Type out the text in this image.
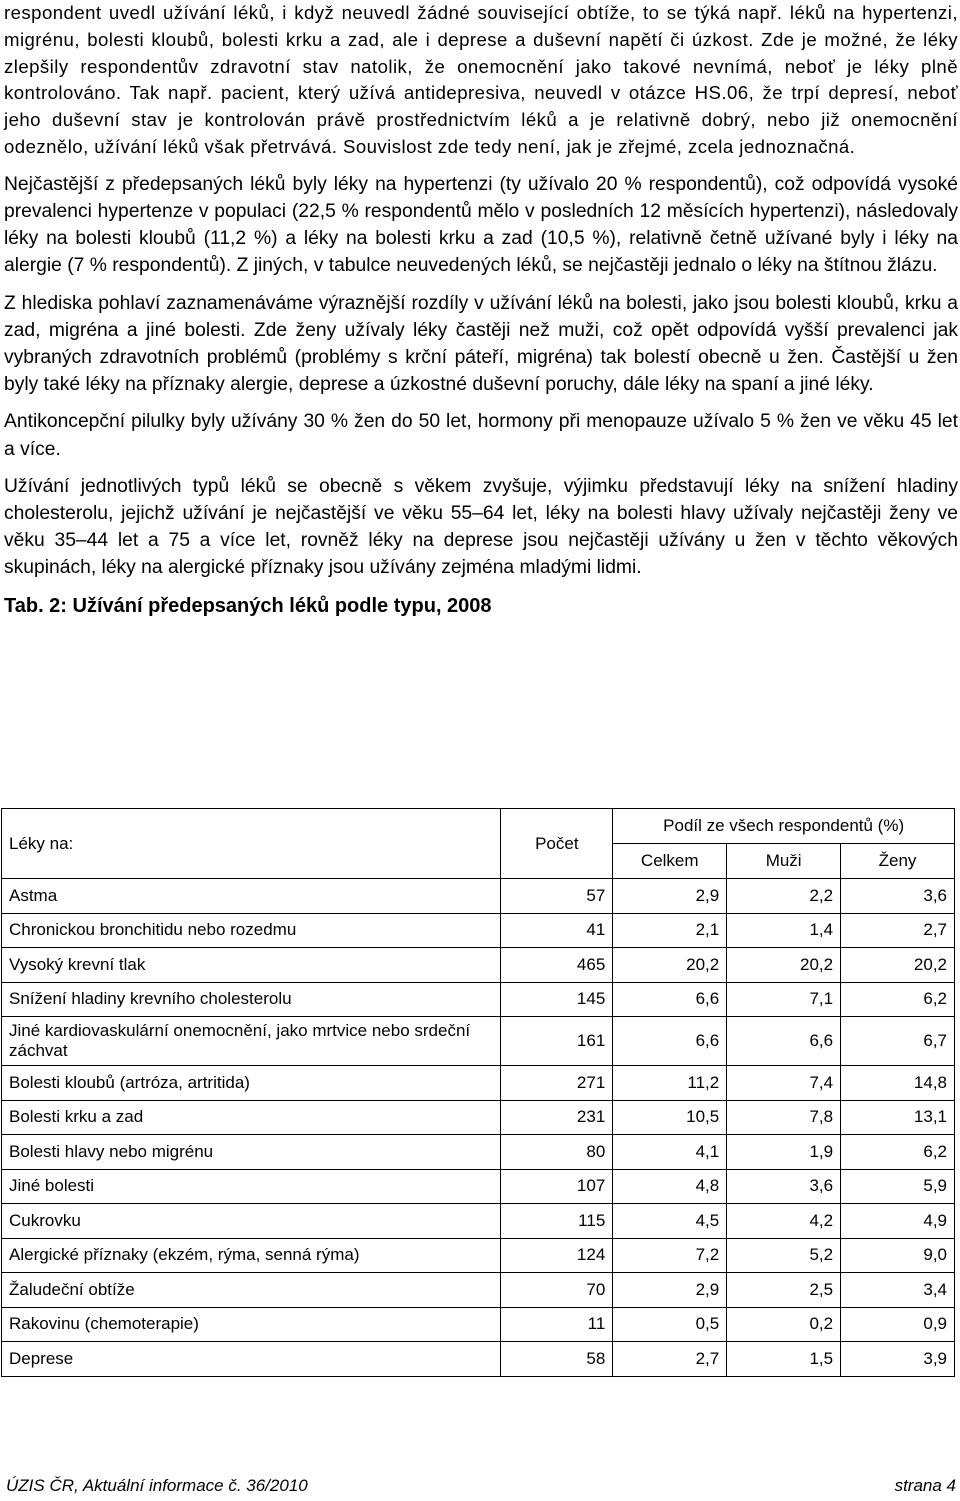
respondent uvedl užívání léků, i když neuvedl žádné související obtíže, to se týká např. léků na hypertenzi, migrénu, bolesti kloubů, bolesti krku a zad, ale i deprese a duševní napětí či úzkost. Zde je možné, že léky zlepšily respondentův zdravotní stav natolik, že onemocnění jako takové nevnímá, neboť je léky plně kontrolováno. Tak např. pacient, který užívá antidepresiva, neuvedl v otázce HS.06, že trpí depresí, neboť jeho duševní stav je kontrolován právě prostřednictvím léků a je relativně dobrý, nebo již onemocnění odeznělo, užívání léků však přetrvává. Souvislost zde tedy není, jak je zřejmé, zcela jednoznačná.

Nejčastější z předepsaných léků byly léky na hypertenzi (ty užívalo 20 % respondentů), což odpovídá vysoké prevalenci hypertenze v populaci (22,5 % respondentů mělo v posledních 12 měsících hypertenzi), následovaly léky na bolesti kloubů (11,2 %) a léky na bolesti krku a zad (10,5 %), relativně četně užívané byly i léky na alergie (7 % respondentů). Z jiných, v tabulce neuvedených léků, se nejčastěji jednalo o léky na štítnou žlázu.

Z hlediska pohlaví zaznamenáváme výraznější rozdíly v užívání léků na bolesti, jako jsou bolesti kloubů, krku a zad, migréna a jiné bolesti. Zde ženy užívaly léky častěji než muži, což opět odpovídá vyšší prevalenci jak vybraných zdravotních problémů (problémy s krční páteří, migréna) tak bolestí obecně u žen. Častější u žen byly také léky na příznaky alergie, deprese a úzkostné duševní poruchy, dále léky na spaní a jiné léky.

Antikoncepční pilulky byly užívány 30 % žen do 50 let, hormony při menopauze užívalo 5 % žen ve věku 45 let a více.

Užívání jednotlivých typů léků se obecně s věkem zvyšuje, výjimku představují léky na snížení hladiny cholesterolu, jejichž užívání je nejčastější ve věku 55–64 let, léky na bolesti hlavy užívaly nejčastěji ženy ve věku 35–44 let a 75 a více let, rovněž léky na deprese jsou nejčastěji užívány u žen v těchto věkových skupinách, léky na alergické příznaky jsou užívány zejména mladými lidmi.

Tab. 2: Užívání předepsaných léků podle typu, 2008

Léky na:	Počet	Podíl ze všech respondentů (%)		
		Celkem	Muži	Ženy
Astma	57	2,9	2,2	3,6
Chronickou bronchitidu nebo rozedmu	41	2,1	1,4	2,7
Vysoký krevní tlak	465	20,2	20,2	20,2
Snížení hladiny krevního cholesterolu	145	6,6	7,1	6,2
Jiné kardiovaskulární onemocnění, jako mrtvice nebo srdeční záchvat	161	6,6	6,6	6,7
Bolesti kloubů (artróza, artritida)	271	11,2	7,4	14,8
Bolesti krku a zad	231	10,5	7,8	13,1
Bolesti hlavy nebo migrénu	80	4,1	1,9	6,2
Jiné bolesti	107	4,8	3,6	5,9
Cukrovku	115	4,5	4,2	4,9
Alergické příznaky (ekzém, rýma, senná rýma)	124	7,2	5,2	9,0
Žaludeční obtíže	70	2,9	2,5	3,4
Rakovinu (chemoterapie)	11	0,5	0,2	0,9
Deprese	58	2,7	1,5	3,9
ÚZIS ČR, Aktuální informace č. 36/2010	strana 4
